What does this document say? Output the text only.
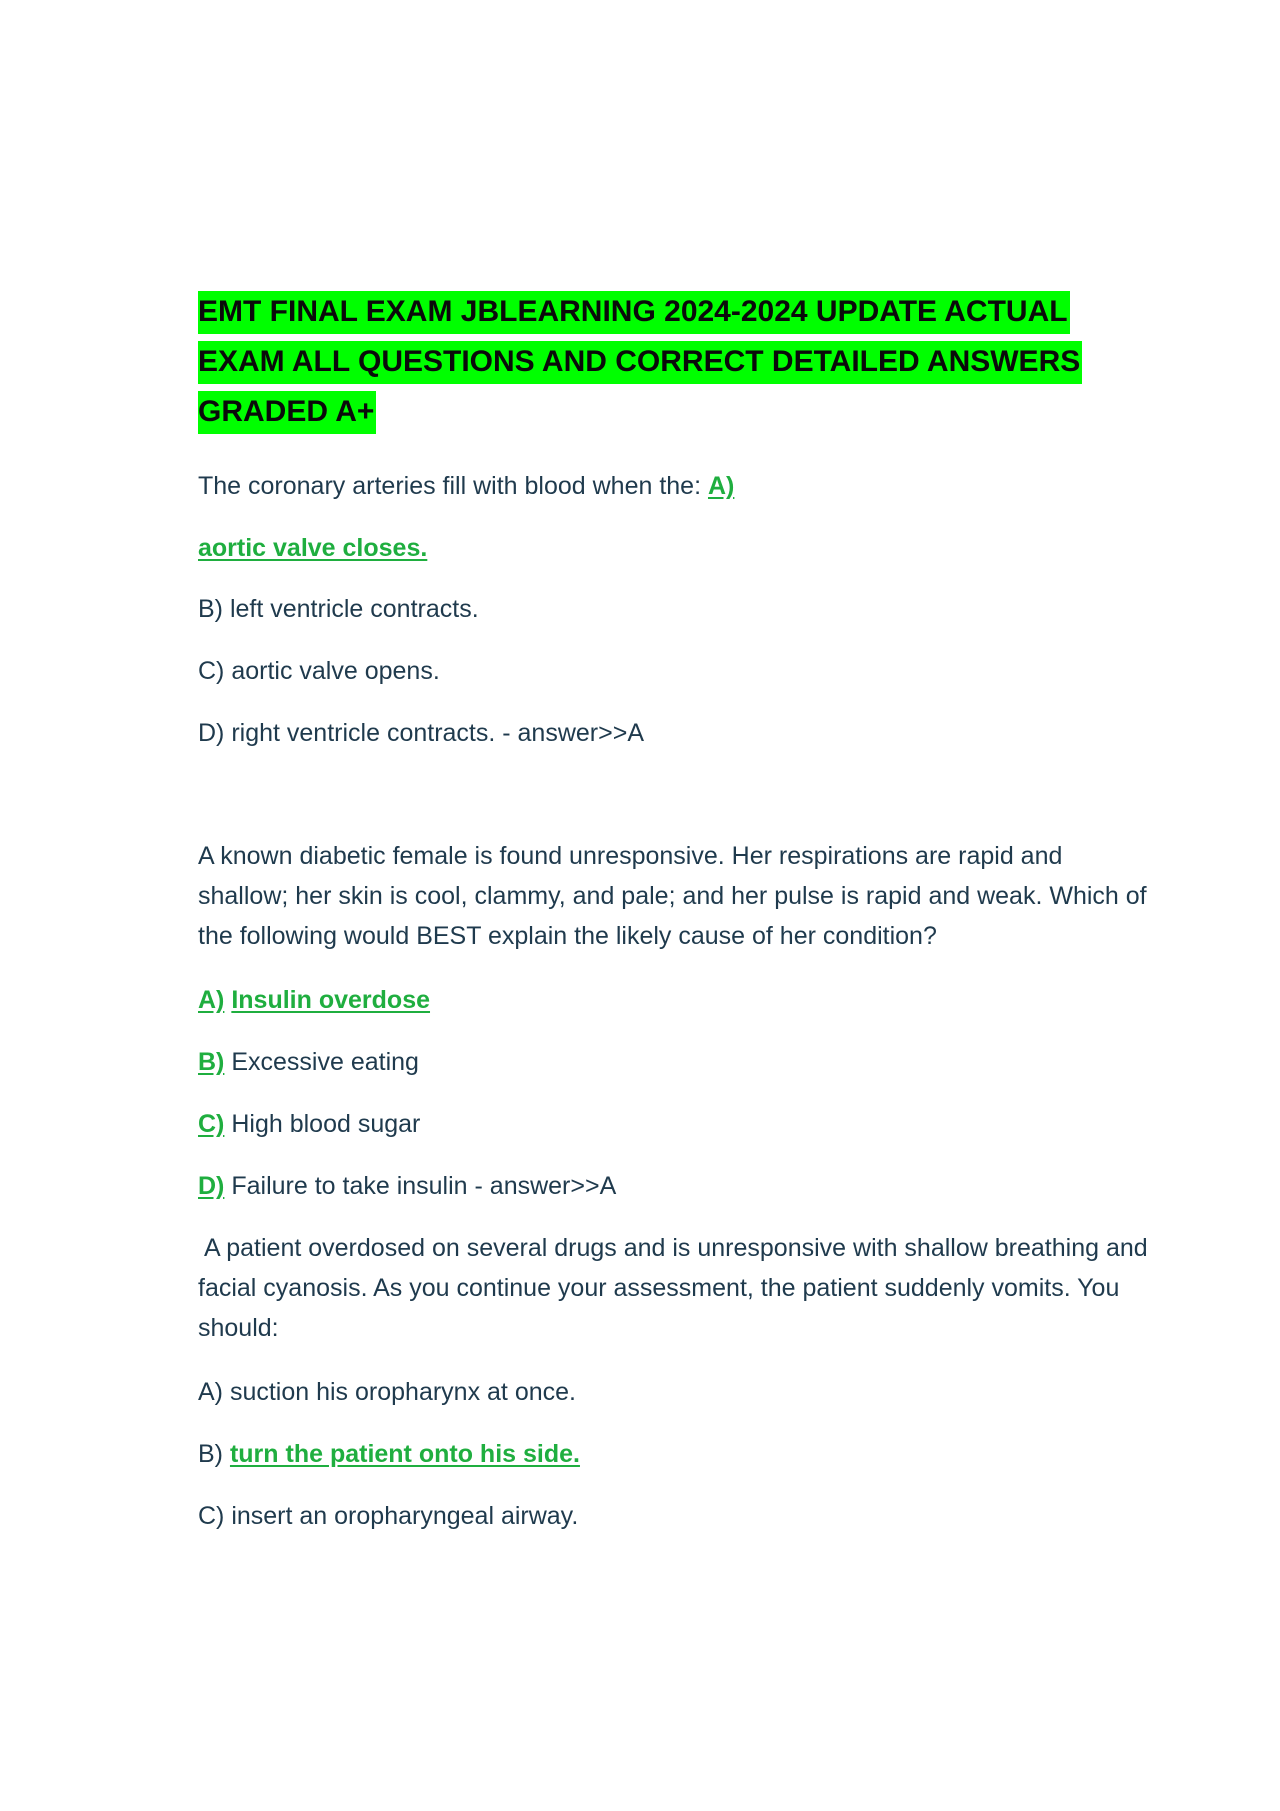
EMT FINAL EXAM JBLEARNING 2024-2024 UPDATE ACTUAL EXAM ALL QUESTIONS AND CORRECT DETAILED ANSWERS GRADED A+

The coronary arteries fill with blood when the: A)

aortic valve closes.

B) left ventricle contracts.

C) aortic valve opens.

D) right ventricle contracts. - answer>>A

A known diabetic female is found unresponsive. Her respirations are rapid and shallow; her skin is cool, clammy, and pale; and her pulse is rapid and weak. Which of the following would BEST explain the likely cause of her condition?

A) Insulin overdose

B) Excessive eating

C) High blood sugar

D) Failure to take insulin - answer>>A

A patient overdosed on several drugs and is unresponsive with shallow breathing and facial cyanosis. As you continue your assessment, the patient suddenly vomits. You should:

A) suction his oropharynx at once.

B) turn the patient onto his side.

C) insert an oropharyngeal airway.
